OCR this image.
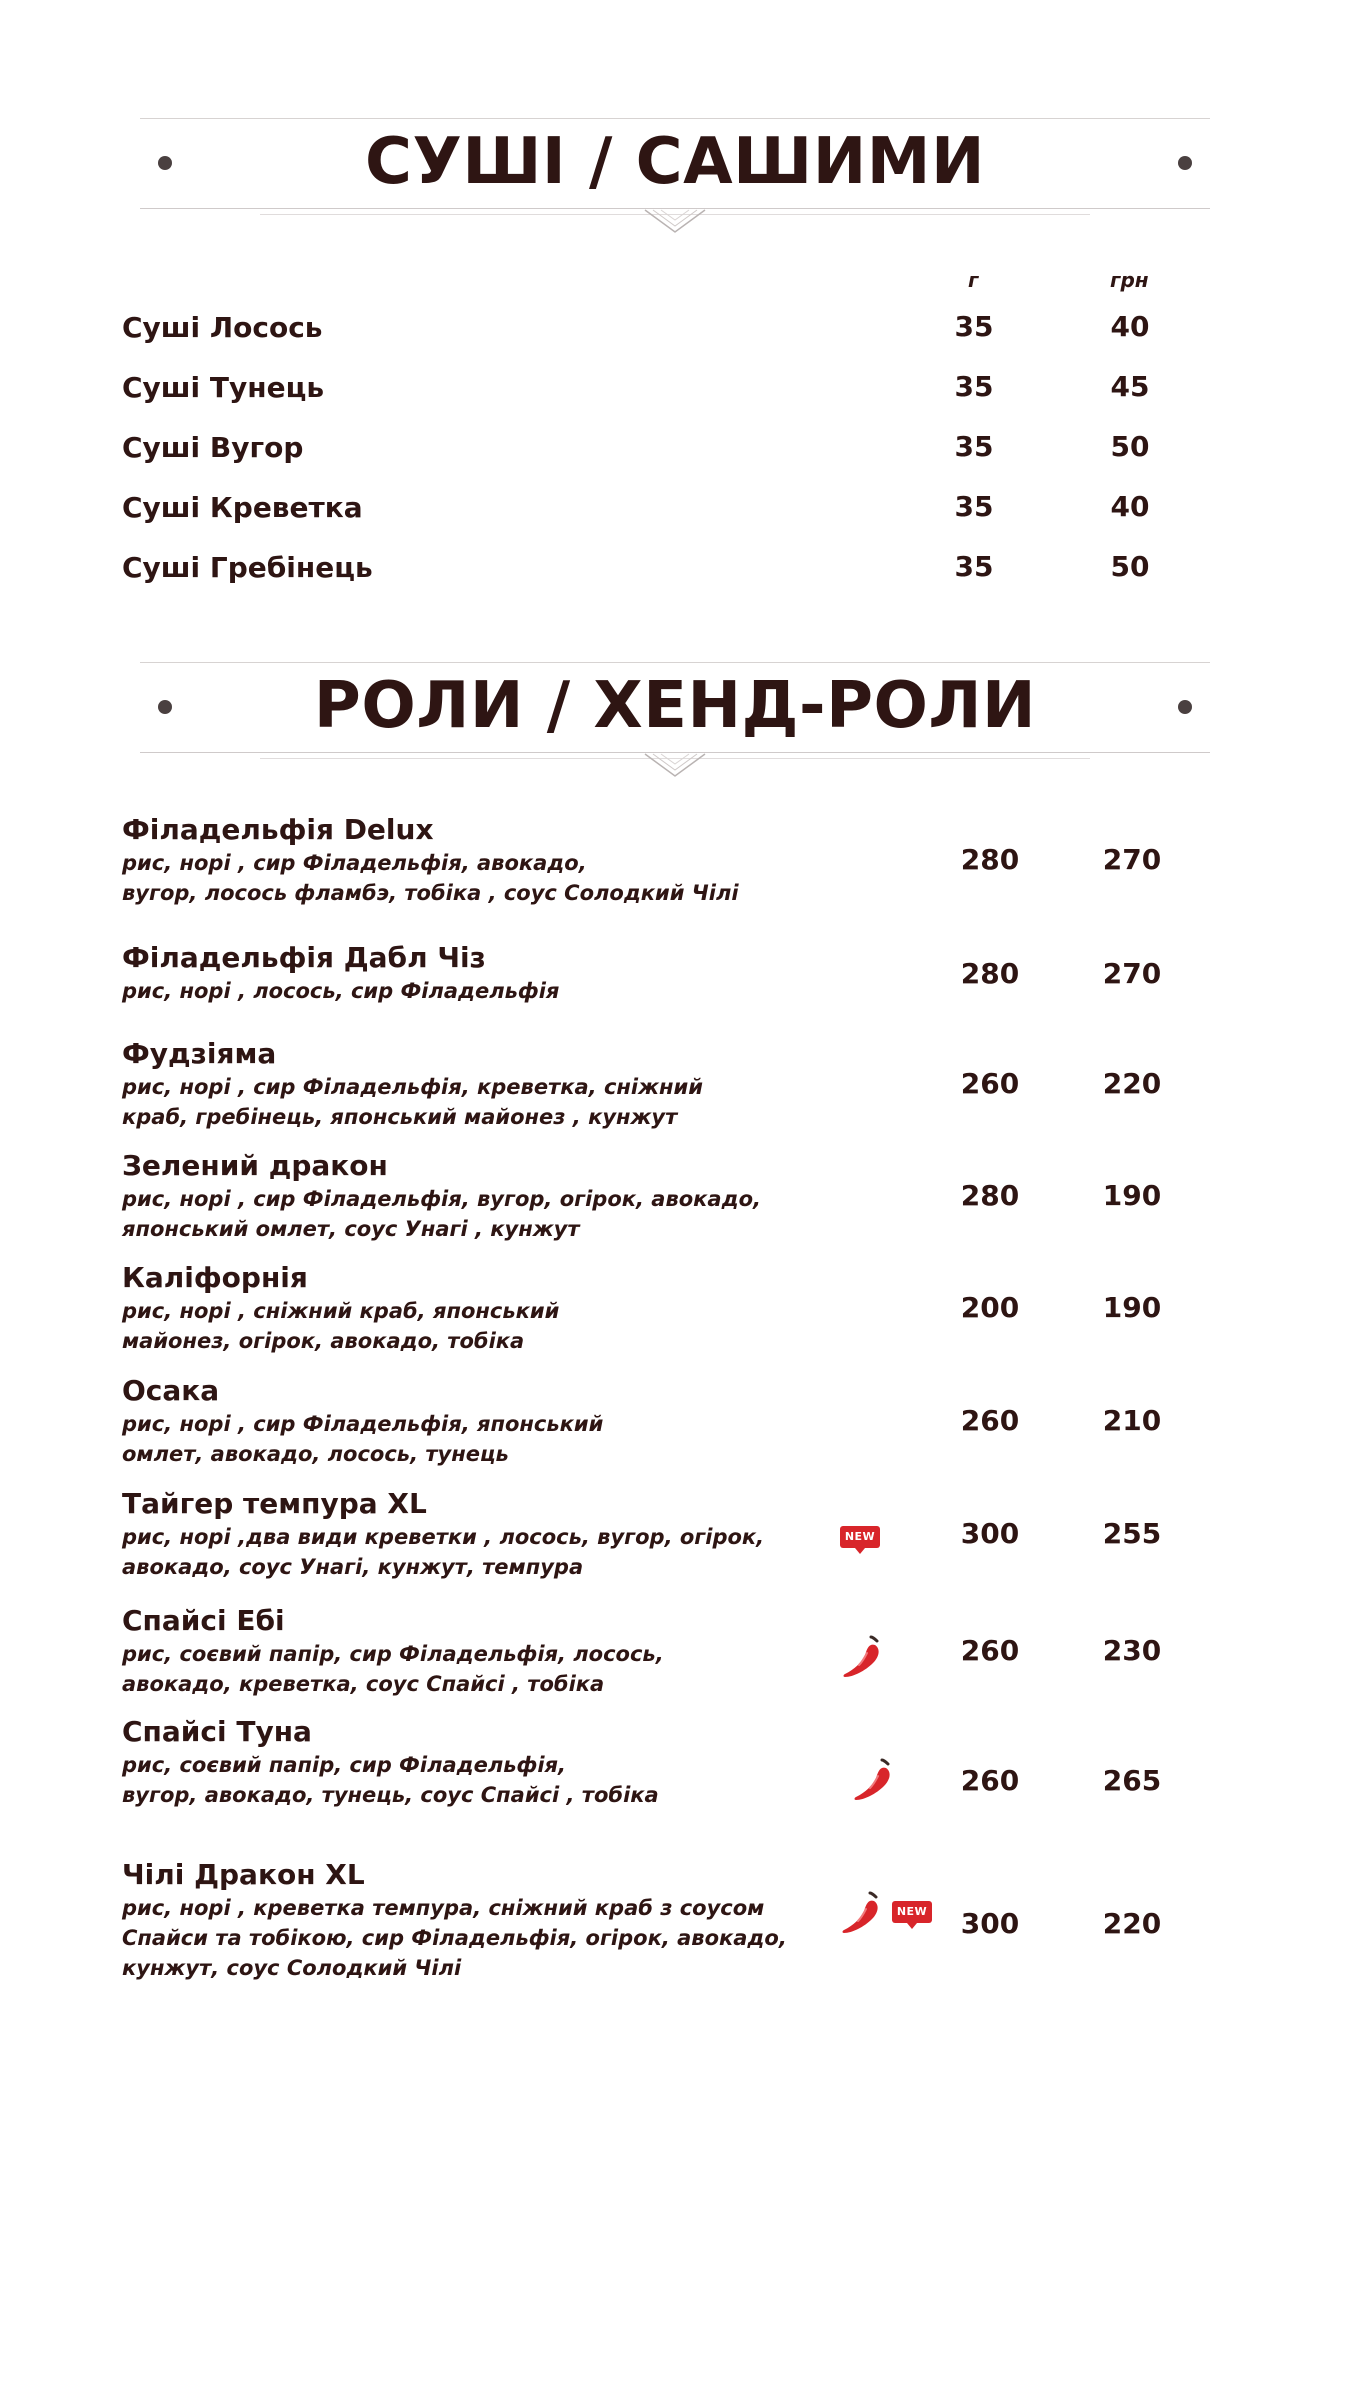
СУШІ / САШИМИ
г	грн
Суші Лосось	35	40
Суші Тунець	35	45
Суші Вугор	35	50
Суші Креветка	35	40
Суші Гребінець	35	50
РОЛИ / ХЕНД-РОЛИ
Філадельфія Delux
рис, норі , сир Філадельфія, авокадо,
вугор, лосось фламбэ, тобіка , соус Солодкий Чілі
280	270
Філадельфія Дабл Чіз
рис, норі , лосось, сир Філадельфія
280	270
Фудзіяма
рис, норі , сир Філадельфія, креветка, сніжний
краб, гребінець, японський майонез , кунжут
260	220
Зелений дракон
рис, норі , сир Філадельфія, вугор, огірок, авокадо,
японський омлет, соус Унагі , кунжут
280	190
Каліфорнія
рис, норі , сніжний краб, японський
майонез, огірок, авокадо, тобіка
200	190
Осака
рис, норі , сир Філадельфія, японський
омлет, авокадо, лосось, тунець
260	210
Тайгер темпура XL
рис, норі ,два види креветки , лосось, вугор, огірок,
авокадо, соус Унагі, кунжут, темпура
NEW	300	255
Спайсі Ебі
рис, соєвий папір, сир Філадельфія, лосось,
авокадо, креветка, соус Спайсі , тобіка
260	230
Спайсі Туна
рис, соєвий папір, сир Філадельфія,
вугор, авокадо, тунець, соус Спайсі , тобіка	260	265
Чілі Дракон XL
рис, норі , креветка темпура, сніжний краб з соусом
Спайси та тобікою, сир Філадельфія, огірок, авокадо,
кунжут, соус Солодкий Чілі
NEW	300	220
